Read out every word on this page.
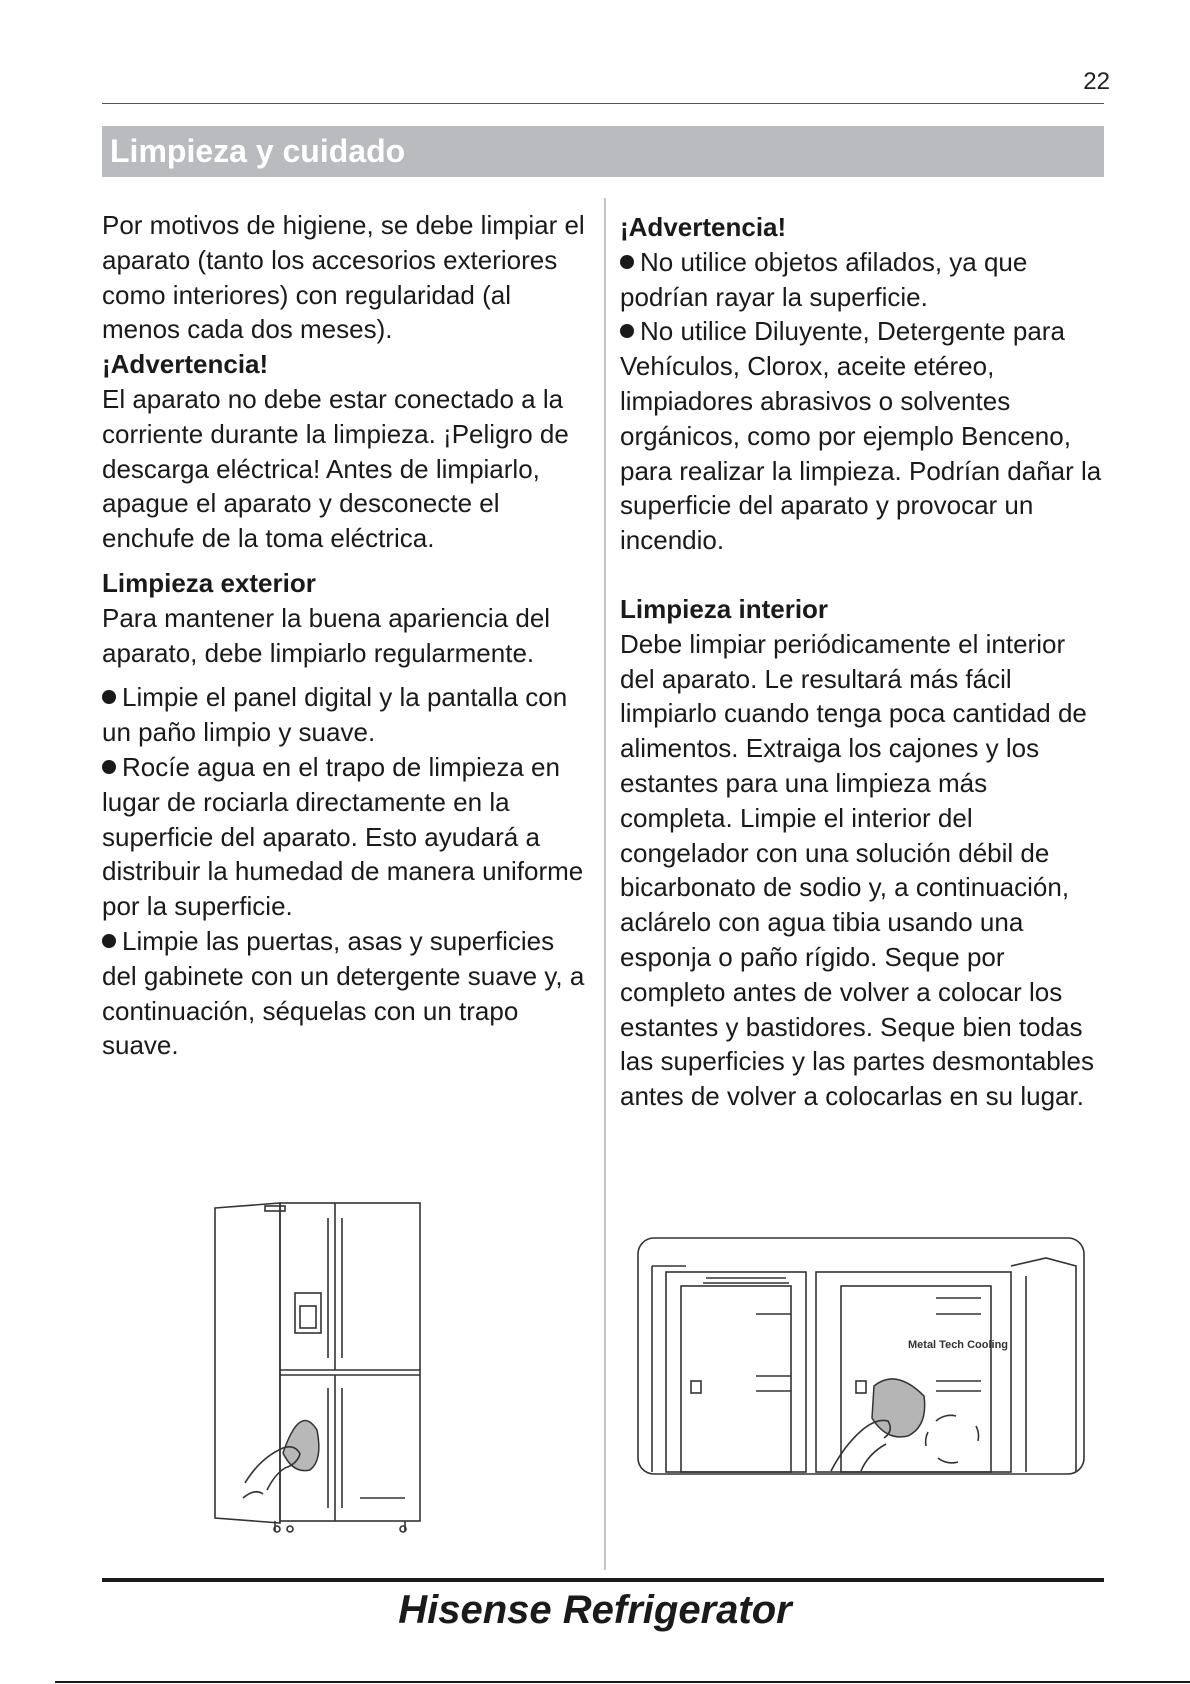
22
Limpieza y cuidado

Por motivos de higiene, se debe limpiar el aparato (tanto los accesorios exteriores como interiores) con regularidad (al menos cada dos meses).

¡Advertencia!

El aparato no debe estar conectado a la corriente durante la limpieza. ¡Peligro de descarga eléctrica! Antes de limpiarlo, apague el aparato y desconecte el enchufe de la toma eléctrica.

Limpieza exterior

Para mantener la buena apariencia del aparato, debe limpiarlo regularmente.

Limpie el panel digital y la pantalla con un paño limpio y suave.

Rocíe agua en el trapo de limpieza en lugar de rociarla directamente en la superficie del aparato. Esto ayudará a distribuir la humedad de manera uniforme por la superficie.

Limpie las puertas, asas y superficies del gabinete con un detergente suave y, a continuación, séquelas con un trapo suave.

¡Advertencia!

No utilice objetos afilados, ya que podrían rayar la superficie.

No utilice Diluyente, Detergente para Vehículos, Clorox, aceite etéreo, limpiadores abrasivos o solventes orgánicos, como por ejemplo Benceno, para realizar la limpieza. Podrían dañar la superficie del aparato y provocar un incendio.

Limpieza interior

Debe limpiar periódicamente el interior del aparato. Le resultará más fácil limpiarlo cuando tenga poca cantidad de alimentos. Extraiga los cajones y los estantes para una limpieza más completa. Limpie el interior del congelador con una solución débil de bicarbonato de sodio y, a continuación, aclárelo con agua tibia usando una esponja o paño rígido. Seque por completo antes de volver a colocar los estantes y bastidores. Seque bien todas las superficies y las partes desmontables antes de volver a colocarlas en su lugar.

Metal Tech Cooling
Hisense Refrigerator
